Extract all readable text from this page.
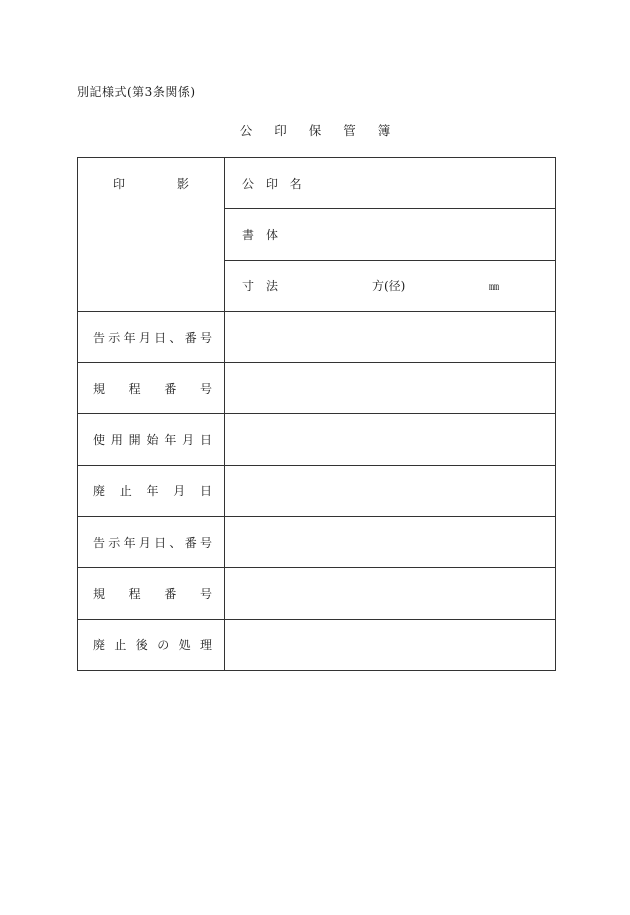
別記様式(第3条関係)
公 印 保 管 簿
印　影	公 印 名
	書　体
	寸　法 方(径) ㎜

告示年月日、番号	
規程番号	
使用開始年月日	
廃止年月日	
告示年月日、番号	
規程番号	
廃止後の処理	
